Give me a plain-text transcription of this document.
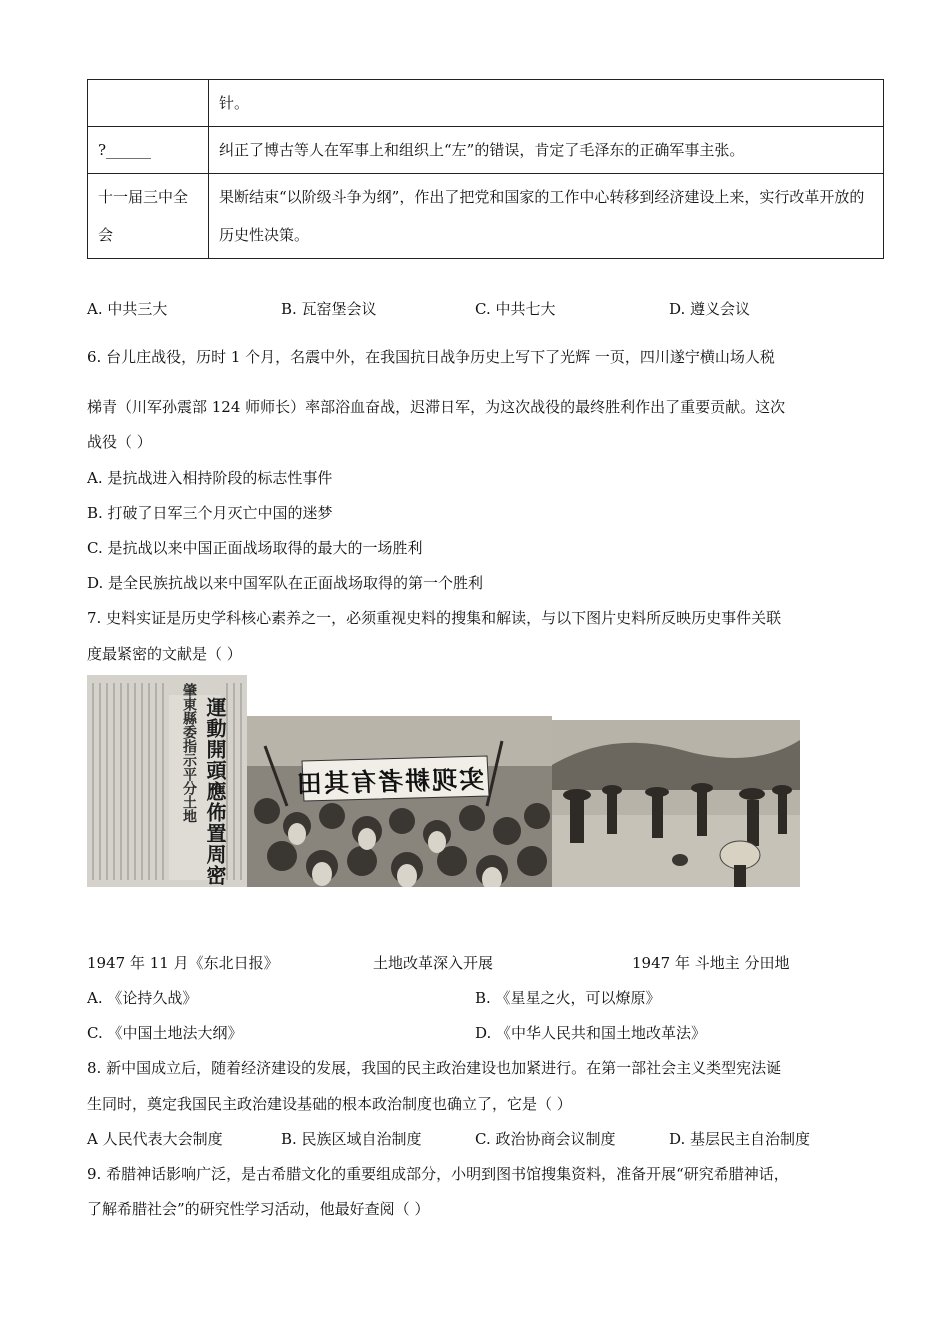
	针。
?______	纠正了博古等人在军事上和组织上“左”的错误，肯定了毛泽东的正确军事主张。
十一届三中全会	果断结束“以阶级斗争为纲”，作出了把党和国家的工作中心转移到经济建设上来，实行改革开放的历史性决策。
A. 中共三大	B. 瓦窑堡会议	C. 中共七大	D. 遵义会议
6. 台儿庄战役，历时 1 个月，名震中外，在我国抗日战争历史上写下了光辉 一页，四川遂宁横山场人税
梯青（川军孙震部 124 师师长）率部浴血奋战，迟滞日军，为这次战役的最终胜利作出了重要贡献。这次
战役（ ）
A. 是抗战进入相持阶段的标志性事件
B. 打破了日军三个月灭亡中国的迷梦
C. 是抗战以来中国正面战场取得的最大的一场胜利
D. 是全民族抗战以来中国军队在正面战场取得的第一个胜利
7. 史料实证是历史学科核心素养之一，必须重视史料的搜集和解读，与以下图片史料所反映历史事件关联
度最紧密的文献是（ ）
運動開頭應佈置周密
肇東縣委指示平分土地	实现耕者有其田
1947 年 11 月《东北日报》	土地改革深入开展	1947 年 斗地主 分田地
A. 《论持久战》	B. 《星星之火，可以燎原》
C. 《中国土地法大纲》	D. 《中华人民共和国土地改革法》
8. 新中国成立后，随着经济建设的发展，我国的民主政治建设也加紧进行。在第一部社会主义类型宪法诞
生同时，奠定我国民主政治建设基础的根本政治制度也确立了，它是（ ）
A 人民代表大会制度	B. 民族区域自治制度	C. 政治协商会议制度	D. 基层民主自治制度
9. 希腊神话影响广泛，是古希腊文化的重要组成部分，小明到图书馆搜集资料，准备开展“研究希腊神话，
了解希腊社会”的研究性学习活动，他最好查阅（ ）
